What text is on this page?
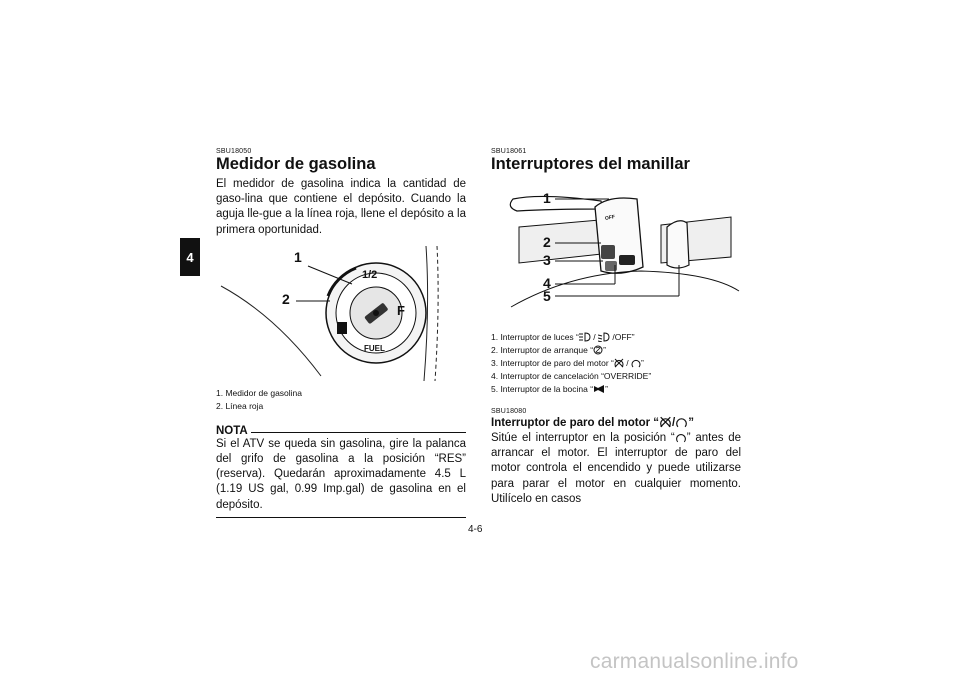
4

SBU18050

Medidor de gasolina

El medidor de gasolina indica la cantidad de gaso-lina que contiene el depósito. Cuando la aguja lle-gue a la línea roja, llene el depósito a la primera oportunidad.

1
2
1/2
F
FUEL
1. Medidor de gasolina
2. Línea roja
NOTA

Si el ATV se queda sin gasolina, gire la palanca del grifo de gasolina a la posición “RES” (reserva). Quedarán aproximadamente 4.5 L (1.19 US gal, 0.99 Imp.gal) de gasolina en el depósito.

SBU18061

Interruptores del manillar
1
2
3
4
5
OFF
1. Interruptor de luces “ /  /OFF”
2. Interruptor de arranque “ ”
3. Interruptor de paro del motor “ / ”
4. Interruptor de cancelación “OVERRIDE”
5. Interruptor de la bocina “ ”

SBU18080

Interruptor de paro del motor “ / ”

Sitúe el interruptor en la posición “ ” antes de arrancar el motor. El interruptor de paro del motor controla el encendido y puede utilizarse para parar el motor en cualquier momento. Utilícelo en casos

4-6
carmanualsonline.info
